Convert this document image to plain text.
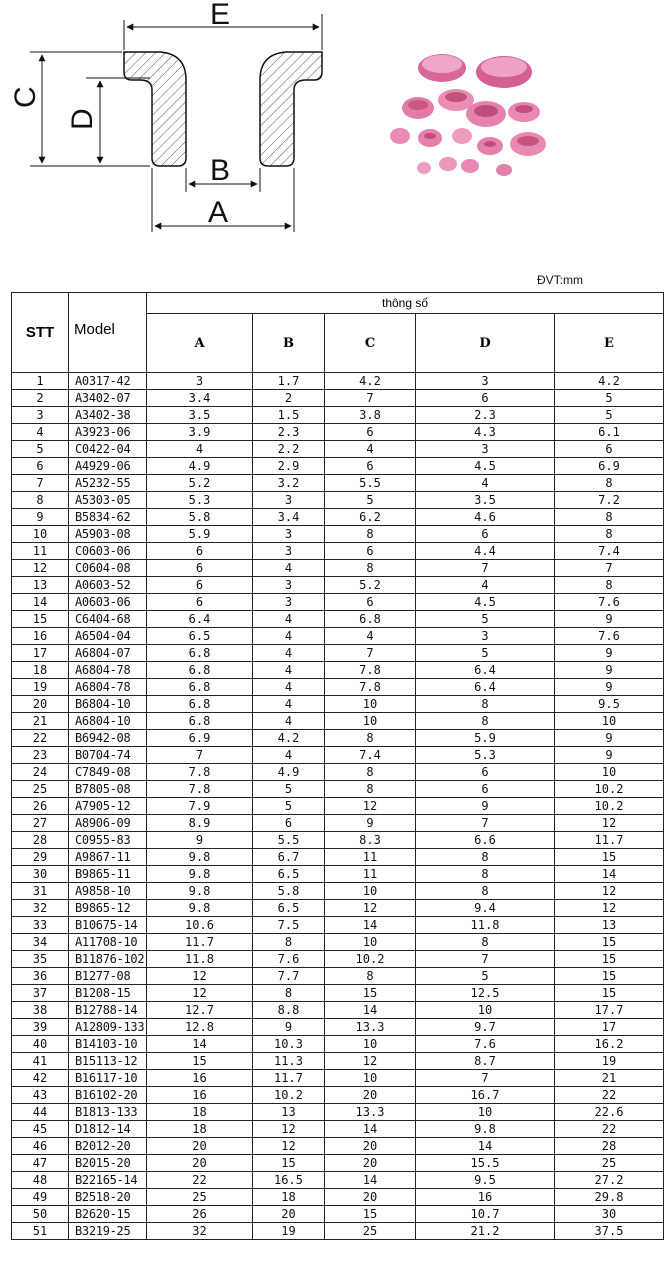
E
C
D
B
A
ĐVT:mm
STT	Model	thông số				
		A	B	C	D	E
1	A0317-42	3	1.7	4.2	3	4.2
2	A3402-07	3.4	2	7	6	5
3	A3402-38	3.5	1.5	3.8	2.3	5
4	A3923-06	3.9	2.3	6	4.3	6.1
5	C0422-04	4	2.2	4	3	6
6	A4929-06	4.9	2.9	6	4.5	6.9
7	A5232-55	5.2	3.2	5.5	4	8
8	A5303-05	5.3	3	5	3.5	7.2
9	B5834-62	5.8	3.4	6.2	4.6	8
10	A5903-08	5.9	3	8	6	8
11	C0603-06	6	3	6	4.4	7.4
12	C0604-08	6	4	8	7	7
13	A0603-52	6	3	5.2	4	8
14	A0603-06	6	3	6	4.5	7.6
15	C6404-68	6.4	4	6.8	5	9
16	A6504-04	6.5	4	4	3	7.6
17	A6804-07	6.8	4	7	5	9
18	A6804-78	6.8	4	7.8	6.4	9
19	A6804-78	6.8	4	7.8	6.4	9
20	B6804-10	6.8	4	10	8	9.5
21	A6804-10	6.8	4	10	8	10
22	B6942-08	6.9	4.2	8	5.9	9
23	B0704-74	7	4	7.4	5.3	9
24	C7849-08	7.8	4.9	8	6	10
25	B7805-08	7.8	5	8	6	10.2
26	A7905-12	7.9	5	12	9	10.2
27	A8906-09	8.9	6	9	7	12
28	C0955-83	9	5.5	8.3	6.6	11.7
29	A9867-11	9.8	6.7	11	8	15
30	B9865-11	9.8	6.5	11	8	14
31	A9858-10	9.8	5.8	10	8	12
32	B9865-12	9.8	6.5	12	9.4	12
33	B10675-14	10.6	7.5	14	11.8	13
34	A11708-10	11.7	8	10	8	15
35	B11876-102	11.8	7.6	10.2	7	15
36	B1277-08	12	7.7	8	5	15
37	B1208-15	12	8	15	12.5	15
38	B12788-14	12.7	8.8	14	10	17.7
39	A12809-133	12.8	9	13.3	9.7	17
40	B14103-10	14	10.3	10	7.6	16.2
41	B15113-12	15	11.3	12	8.7	19
42	B16117-10	16	11.7	10	7	21
43	B16102-20	16	10.2	20	16.7	22
44	B1813-133	18	13	13.3	10	22.6
45	D1812-14	18	12	14	9.8	22
46	B2012-20	20	12	20	14	28
47	B2015-20	20	15	20	15.5	25
48	B22165-14	22	16.5	14	9.5	27.2
49	B2518-20	25	18	20	16	29.8
50	B2620-15	26	20	15	10.7	30
51	B3219-25	32	19	25	21.2	37.5
